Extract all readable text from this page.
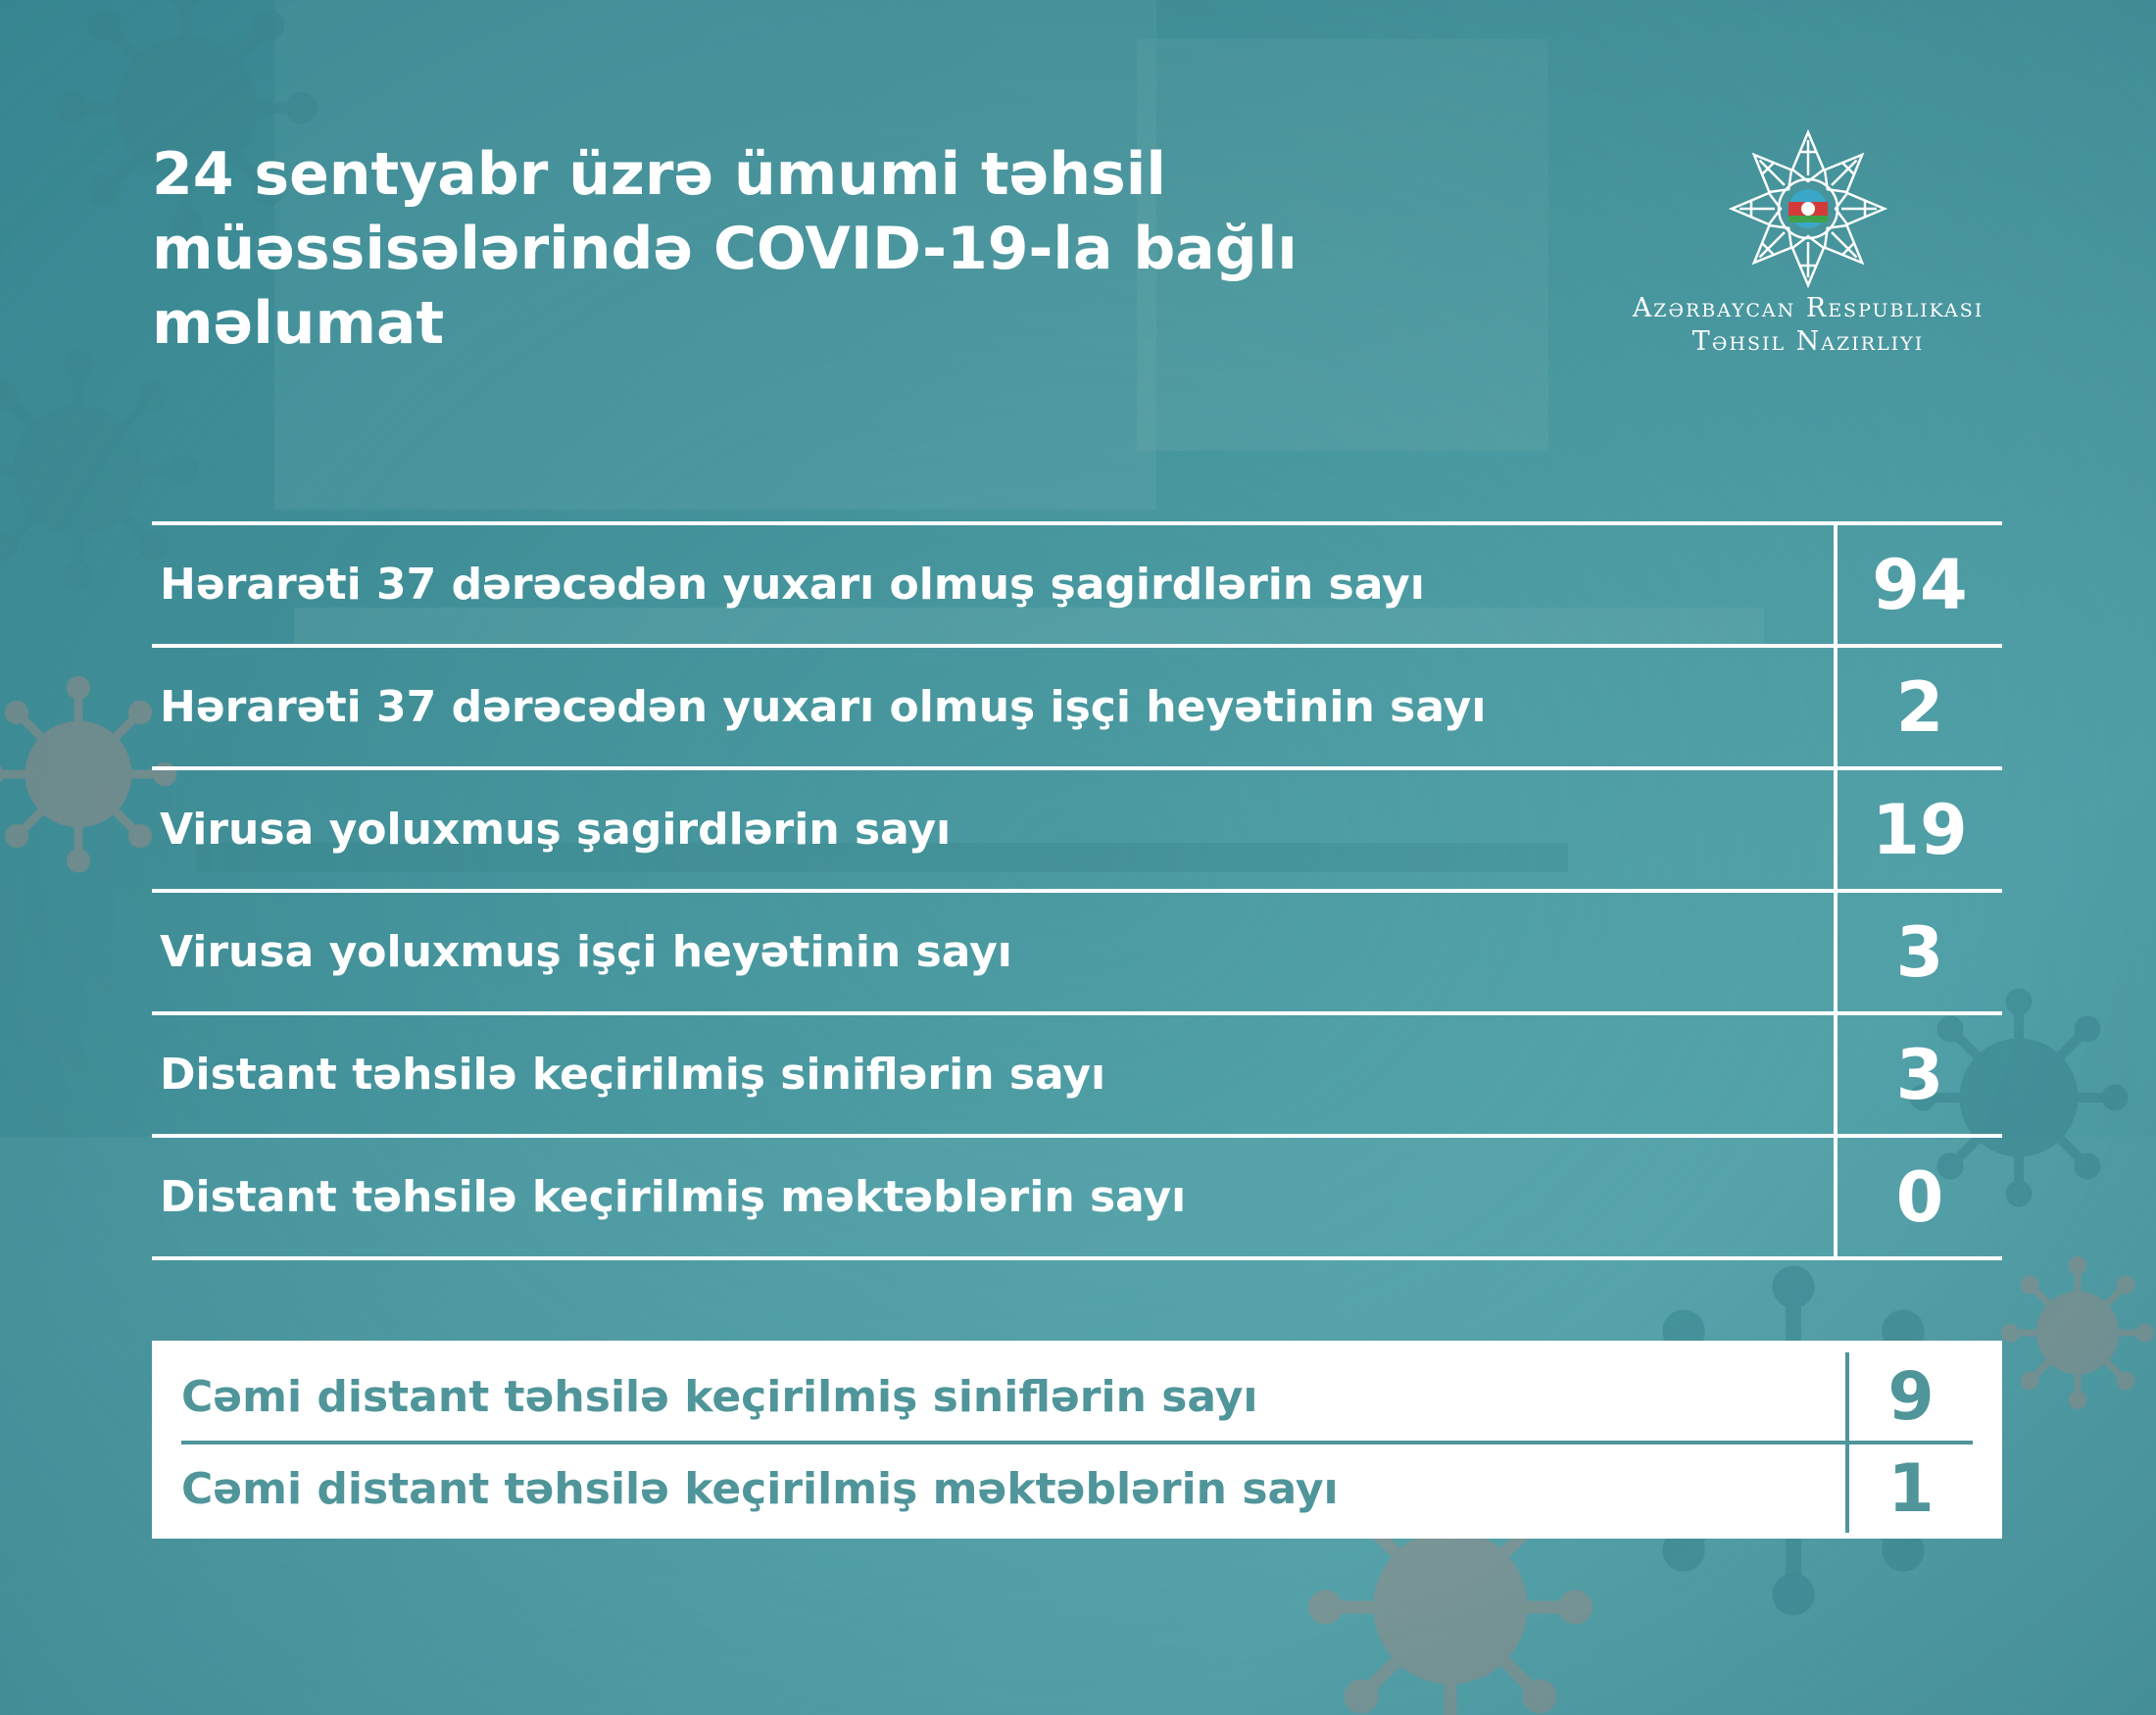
24 sentyabr üzrə ümumi təhsil
müəssisələrində COVID-19-la bağlı
məlumat	Azərbaycan Respublikası
Təhsil Nazirliyi
Hərarəti 37 dərəcədən yuxarı olmuş şagirdlərin sayı	94
Hərarəti 37 dərəcədən yuxarı olmuş işçi heyətinin sayı	2
Virusa yoluxmuş şagirdlərin sayı	19
Virusa yoluxmuş işçi heyətinin sayı	3
Distant təhsilə keçirilmiş siniflərin sayı	3
Distant təhsilə keçirilmiş məktəblərin sayı	0
Cəmi distant təhsilə keçirilmiş siniflərin sayı	9
Cəmi distant təhsilə keçirilmiş məktəblərin sayı	1
